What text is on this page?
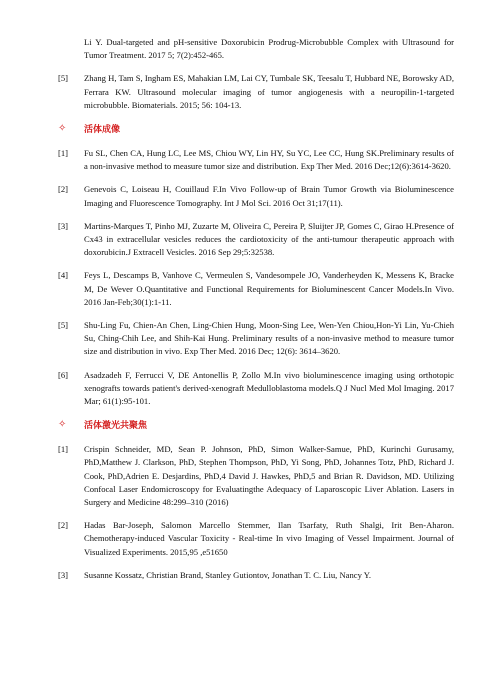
Li Y. Dual-targeted and pH-sensitive Doxorubicin Prodrug-Microbubble Complex with Ultrasound for Tumor Treatment. 2017 5; 7(2):452-465.
[5]	Zhang H, Tam S, Ingham ES, Mahakian LM, Lai CY, Tumbale SK, Teesalu T, Hubbard NE, Borowsky AD, Ferrara KW. Ultrasound molecular imaging of tumor angiogenesis with a neuropilin-1-targeted microbubble. Biomaterials. 2015; 56: 104-13.
✧	活体成像
[1]	Fu SL, Chen CA, Hung LC, Lee MS, Chiou WY, Lin HY, Su YC, Lee CC, Hung SK.Preliminary results of a non-invasive method to measure tumor size and distribution. Exp Ther Med. 2016 Dec;12(6):3614-3620.
[2]	Genevois C, Loiseau H, Couillaud F.In Vivo Follow-up of Brain Tumor Growth via Bioluminescence Imaging and Fluorescence Tomography. Int J Mol Sci. 2016 Oct 31;17(11).
[3]	Martins-Marques T, Pinho MJ, Zuzarte M, Oliveira C, Pereira P, Sluijter JP, Gomes C, Girao H.Presence of Cx43 in extracellular vesicles reduces the cardiotoxicity of the anti-tumour therapeutic approach with doxorubicin.J Extracell Vesicles. 2016 Sep 29;5:32538.
[4]	Feys L, Descamps B, Vanhove C, Vermeulen S, Vandesompele JO, Vanderheyden K, Messens K, Bracke M, De Wever O.Quantitative and Functional Requirements for Bioluminescent Cancer Models.In Vivo. 2016 Jan-Feb;30(1):1-11.
[5]	Shu-Ling Fu, Chien-An Chen, Ling-Chien Hung, Moon-Sing Lee, Wen-Yen Chiou,Hon-Yi Lin, Yu-Chieh Su, Ching-Chih Lee, and Shih-Kai Hung. Preliminary results of a non-invasive method to measure tumor size and distribution in vivo. Exp Ther Med. 2016 Dec; 12(6): 3614–3620.
[6]	Asadzadeh F, Ferrucci V, DE Antonellis P, Zollo M.In vivo bioluminescence imaging using orthotopic xenografts towards patient's derived-xenograft Medulloblastoma models.Q J Nucl Med Mol Imaging. 2017 Mar; 61(1):95-101.
✧	活体激光共聚焦
[1]	Crispin Schneider, MD, Sean P. Johnson, PhD, Simon Walker-Samue, PhD, Kurinchi Gurusamy, PhD,Matthew J. Clarkson, PhD, Stephen Thompson, PhD, Yi Song, PhD, Johannes Totz, PhD, Richard J. Cook, PhD,Adrien E. Desjardins, PhD,4 David J. Hawkes, PhD,5 and Brian R. Davidson, MD. Utilizing Confocal Laser Endomicroscopy for Evaluatingthe Adequacy of Laparoscopic Liver Ablation. Lasers in Surgery and Medicine 48:299–310 (2016)
[2]	Hadas Bar-Joseph, Salomon Marcello Stemmer, Ilan Tsarfaty, Ruth Shalgi, Irit Ben-Aharon. Chemotherapy-induced Vascular Toxicity - Real-time In vivo Imaging of Vessel Impairment. Journal of Visualized Experiments. 2015,95 ,e51650
[3]	Susanne Kossatz, Christian Brand, Stanley Gutiontov, Jonathan T. C. Liu, Nancy Y.
